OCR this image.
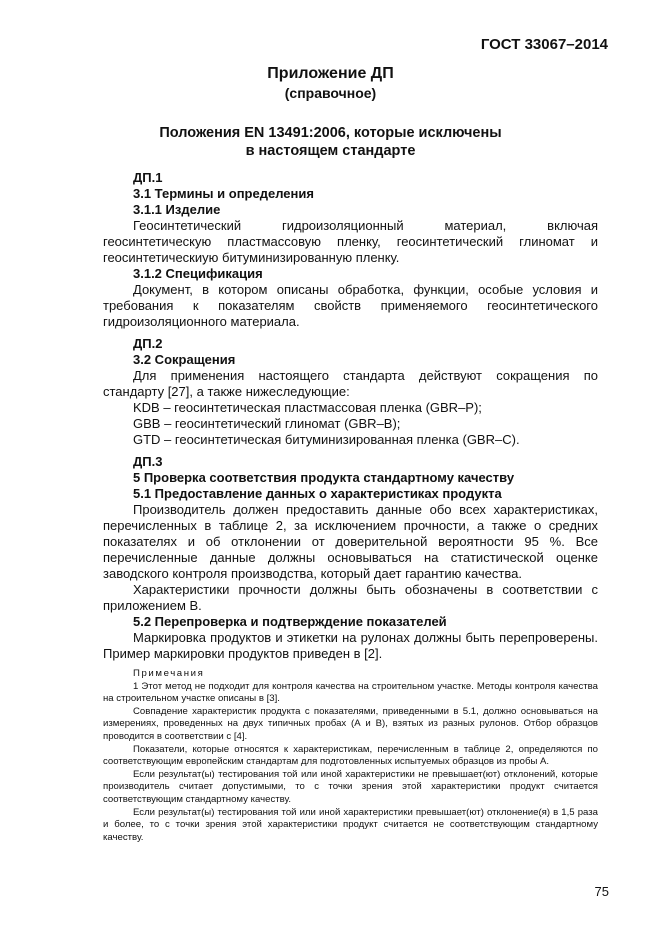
ГОСТ 33067–2014
Приложение ДП
(справочное)
Положения EN 13491:2006, которые исключены
в настоящем стандарте

ДП.1

3.1 Термины и определения

3.1.1 Изделие

Геосинтетический гидроизоляционный материал, включая геосинтетическую пластмассовую пленку, геосинтетический глиномат и геосинтетическиую битуминизированную пленку.

3.1.2 Спецификация

Документ, в котором описаны обработка, функции, особые условия и требования к показателям свойств применяемого геосинтетического гидроизоляционного материала.

ДП.2

3.2 Сокращения

Для применения настоящего стандарта действуют сокращения по стандарту [27], а также нижеследующие:

KDB – геосинтетическая пластмассовая пленка (GBR–P);

GBB – геосинтетический глиномат (GBR–B);

GTD – геосинтетическая битуминизированная пленка (GBR–C).

ДП.3

5 Проверка соответствия продукта стандартному качеству

5.1 Предоставление данных о характеристиках продукта

Производитель должен предоставить данные обо всех характеристиках, перечисленных в таблице 2, за исключением прочности, а также о средних показателях и об отклонении от доверительной вероятности 95 %. Все перечисленные данные должны основываться на статистической оценке заводского контроля производства, который дает гарантию качества.

Характеристики прочности должны быть обозначены в соответствии с приложением B.

5.2 Перепроверка и подтверждение показателей

Маркировка продуктов и этикетки на рулонах должны быть перепроверены. Пример маркировки продуктов приведен в [2].

Примечания

1 Этот метод не подходит для контроля качества на строительном участке. Методы контроля качества на строительном участке описаны в [3].

Совпадение характеристик продукта с показателями, приведенными в 5.1, должно основываться на измерениях, проведенных на двух типичных пробах (А и В), взятых из разных рулонов. Отбор образцов проводится в соответствии с [4].

Показатели, которые относятся к характеристикам, перечисленным в таблице 2, определяются по соответствующим европейским стандартам для подготовленных испытуемых образцов из пробы А.

Если результат(ы) тестирования той или иной характеристики не превышает(ют) отклонений, которые производитель считает допустимыми, то с точки зрения этой характеристики продукт считается соответствующим стандартному качеству.

Если результат(ы) тестирования той или иной характеристики превышает(ют) отклонение(я) в 1,5 раза и более, то с точки зрения этой характеристики продукт считается не соответствующим стандартному качеству.

75
